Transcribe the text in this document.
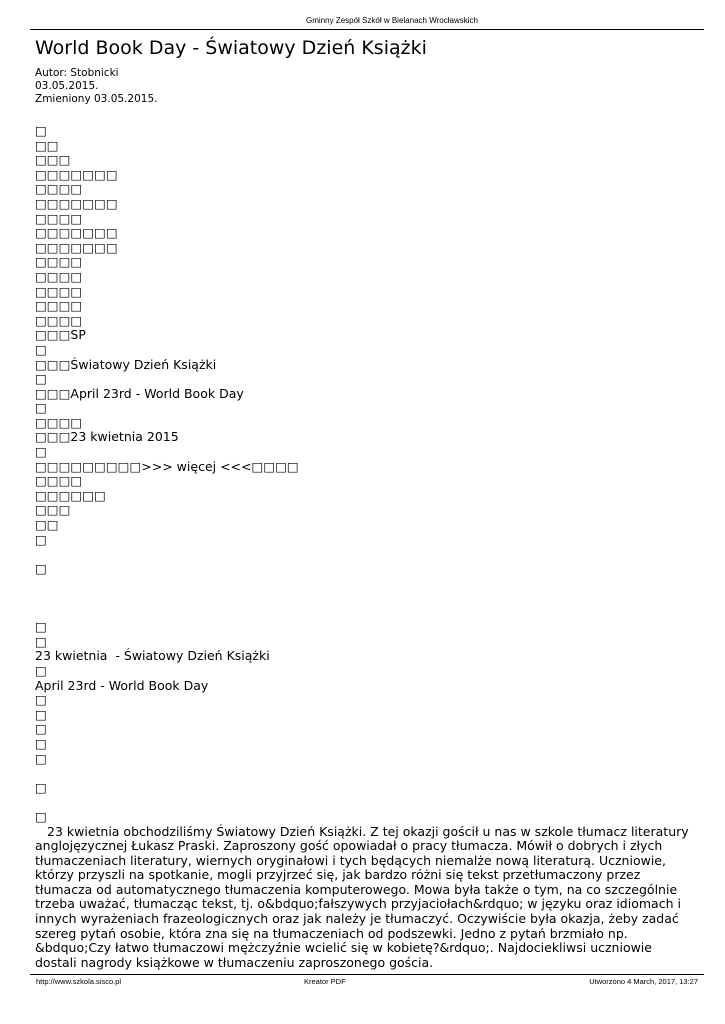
Gminny Zespół Szkół w Bielanach Wrocławskich
World Book Day - Światowy Dzień Książki
Autor: Stobnicki
03.05.2015.
Zmieniony 03.05.2015.
□
□□
□□□
□□□□□□□
□□□□
□□□□□□□
□□□□
□□□□□□□
□□□□□□□
□□□□
□□□□
□□□□
□□□□
□□□□
□□□SP
□
□□□Światowy Dzień Książki
□
□□□April 23rd - World Book Day
□
□□□□
□□□23 kwietnia 2015
□
□□□□□□□□□>>> więcej <<<□□□□
□□□□
□□□□□□
□□□
□□
□
□
□
□
23 kwietnia  - Światowy Dzień Książki
□
April 23rd - World Book Day
□
□
□
□
□
□
□

23 kwietnia obchodziliśmy Światowy Dzień Książki. Z tej okazji gościł u nas w szkole tłumacz literatury anglojęzycznej Łukasz Praski. Zaproszony gość opowiadał o pracy tłumacza. Mówił o dobrych i złych tłumaczeniach literatury, wiernych oryginałowi i tych będących niemalże nową literaturą. Uczniowie, którzy przyszli na spotkanie, mogli przyjrzeć się, jak bardzo różni się tekst przetłumaczony przez tłumacza od automatycznego tłumaczenia komputerowego. Mowa była także o tym, na co szczególnie trzeba uważać, tłumacząc tekst, tj. o&bdquo;fałszywych przyjaciołach&rdquo; w języku oraz idiomach i innych wyrażeniach frazeologicznych oraz jak należy je tłumaczyć. Oczywiście była okazja, żeby zadać szereg pytań osobie, która zna się na tłumaczeniach od podszewki. Jedno z pytań brzmiało np. &bdquo;Czy łatwo tłumaczowi mężczyźnie wcielić się w kobietę?&rdquo;. Najdociekliwsi uczniowie dostali nagrody książkowe w tłumaczeniu zaproszonego gościa.

http://www.szkola.sisco.pl	Kreator PDF	Utworzono 4 March, 2017, 13:27
